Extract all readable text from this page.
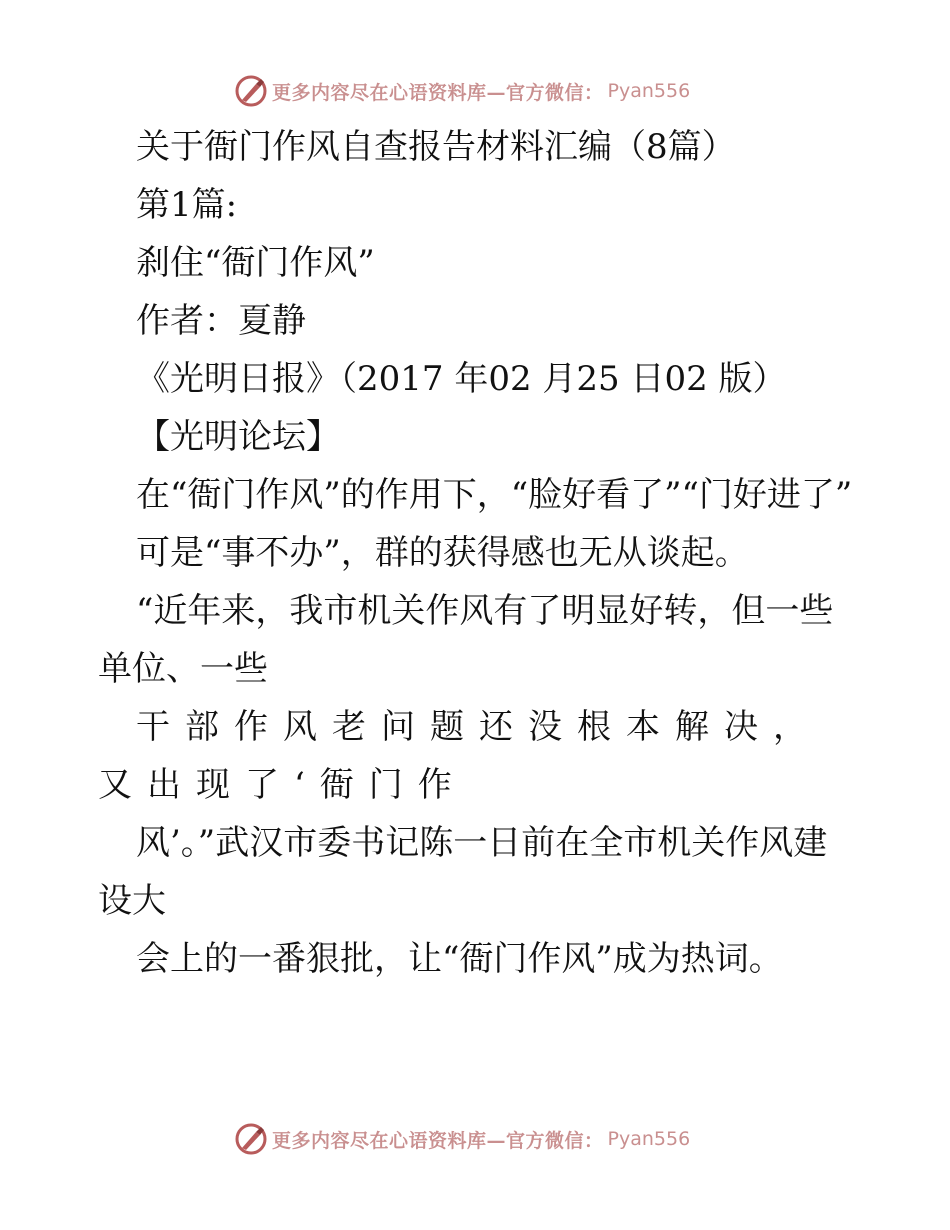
更多内容尽在心语资料库—官方微信： Pyan556

关于衙门作风自查报告材料汇编（8篇）

第1篇:

刹住“衙门作风”

作者：夏静

《光明日报》（2017 年02 月25 日02 版）

【光明论坛】

在“衙门作风”的作用下，“脸好看了”“门好进了”

可是“事不办”，群的获得感也无从谈起。

“近年来，我市机关作风有了明显好转，但一些单位、一些

干部作风老问题还没根本解决，又出现了‘衙门作

风’。”武汉市委书记陈一日前在全市机关作风建设大

会上的一番狠批，让“衙门作风”成为热词。

更多内容尽在心语资料库—官方微信： Pyan556
